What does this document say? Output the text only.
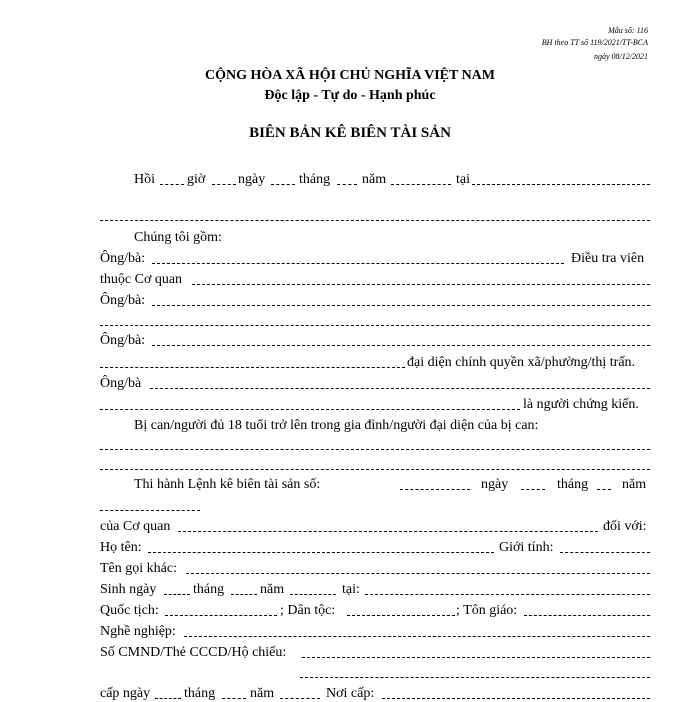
Mẫu số: 116
BH theo TT số 119/2021/TT-BCA
ngày 08/12/2021
CỘNG HÒA XÃ HỘI CHỦ NGHĨA VIỆT NAM
Độc lập - Tự do - Hạnh phúc
BIÊN BẢN KÊ BIÊN TÀI SẢN
Hồi giờ ngày tháng năm	tại
Chúng tôi gồm:
Ông/bà:	Điều tra viên
thuộc Cơ quan
Ông/bà:
Ông/bà:
đại diện chính quyền xã/phường/thị trấn.
Ông/bà
là người chứng kiến.
Bị can/người đủ 18 tuổi trở lên trong gia đình/người đại diện của bị can:
Thi hành Lệnh kê biên tài sản số:	ngày	tháng năm
của Cơ quan	đối với:
Họ tên:	Giới tính:
Tên gọi khác:
Sinh ngày	tháng	năm	tại:
Quốc tịch:	; Dân tộc:	; Tôn giáo:
Nghề nghiệp:
Số CMND/Thẻ CCCD/Hộ chiếu:
cấp ngày tháng năm	Nơi cấp:
